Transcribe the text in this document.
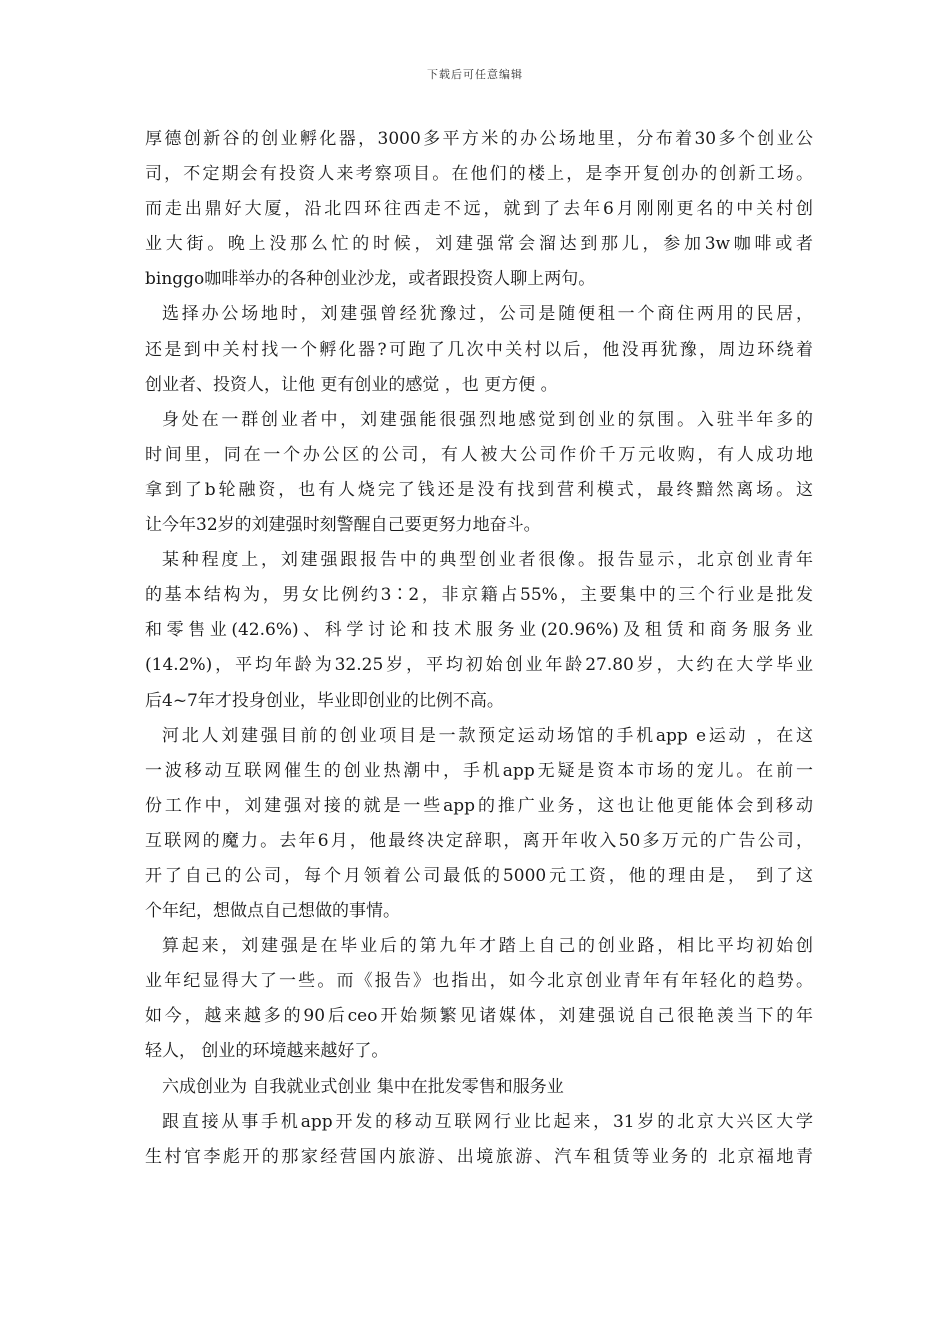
下载后可任意编辑
厚德创新谷的创业孵化器，3000多平方米的办公场地里，分布着30多个创业公
司，不定期会有投资人来考察项目。在他们的楼上，是李开复创办的创新工场。
而走出鼎好大厦，沿北四环往西走不远，就到了去年6月刚刚更名的中关村创
业大街。晚上没那么忙的时候，刘建强常会溜达到那儿，参加3w咖啡或者
binggo咖啡举办的各种创业沙龙，或者跟投资人聊上两句。
选择办公场地时，刘建强曾经犹豫过，公司是随便租一个商住两用的民居，
还是到中关村找一个孵化器?可跑了几次中关村以后，他没再犹豫，周边环绕着
创业者、投资人，让他 更有创业的感觉 ，也 更方便 。
身处在一群创业者中，刘建强能很强烈地感觉到创业的氛围。入驻半年多的
时间里，同在一个办公区的公司，有人被大公司作价千万元收购，有人成功地
拿到了b轮融资，也有人烧完了钱还是没有找到营利模式，最终黯然离场。这
让今年32岁的刘建强时刻警醒自己要更努力地奋斗。
某种程度上，刘建强跟报告中的典型创业者很像。报告显示，北京创业青年
的基本结构为，男女比例约3∶2，非京籍占55%，主要集中的三个行业是批发
和零售业(42.6%)、科学讨论和技术服务业(20.96%)及租赁和商务服务业
(14.2%)，平均年龄为32.25岁，平均初始创业年龄27.80岁，大约在大学毕业
后4~7年才投身创业，毕业即创业的比例不高。
河北人刘建强目前的创业项目是一款预定运动场馆的手机app e运动 ，在这
一波移动互联网催生的创业热潮中，手机app无疑是资本市场的宠儿。在前一
份工作中，刘建强对接的就是一些app的推广业务，这也让他更能体会到移动
互联网的魔力。去年6月，他最终决定辞职，离开年收入50多万元的广告公司，
开了自己的公司，每个月领着公司最低的5000元工资，他的理由是， 到了这
个年纪，想做点自己想做的事情。
算起来，刘建强是在毕业后的第九年才踏上自己的创业路，相比平均初始创
业年纪显得大了一些。而《报告》也指出，如今北京创业青年有年轻化的趋势。
如今，越来越多的90后ceo开始频繁见诸媒体，刘建强说自己很艳羡当下的年
轻人， 创业的环境越来越好了。
六成创业为 自我就业式创业 集中在批发零售和服务业
跟直接从事手机app开发的移动互联网行业比起来，31岁的北京大兴区大学
生村官李彪开的那家经营国内旅游、出境旅游、汽车租赁等业务的 北京福地青
